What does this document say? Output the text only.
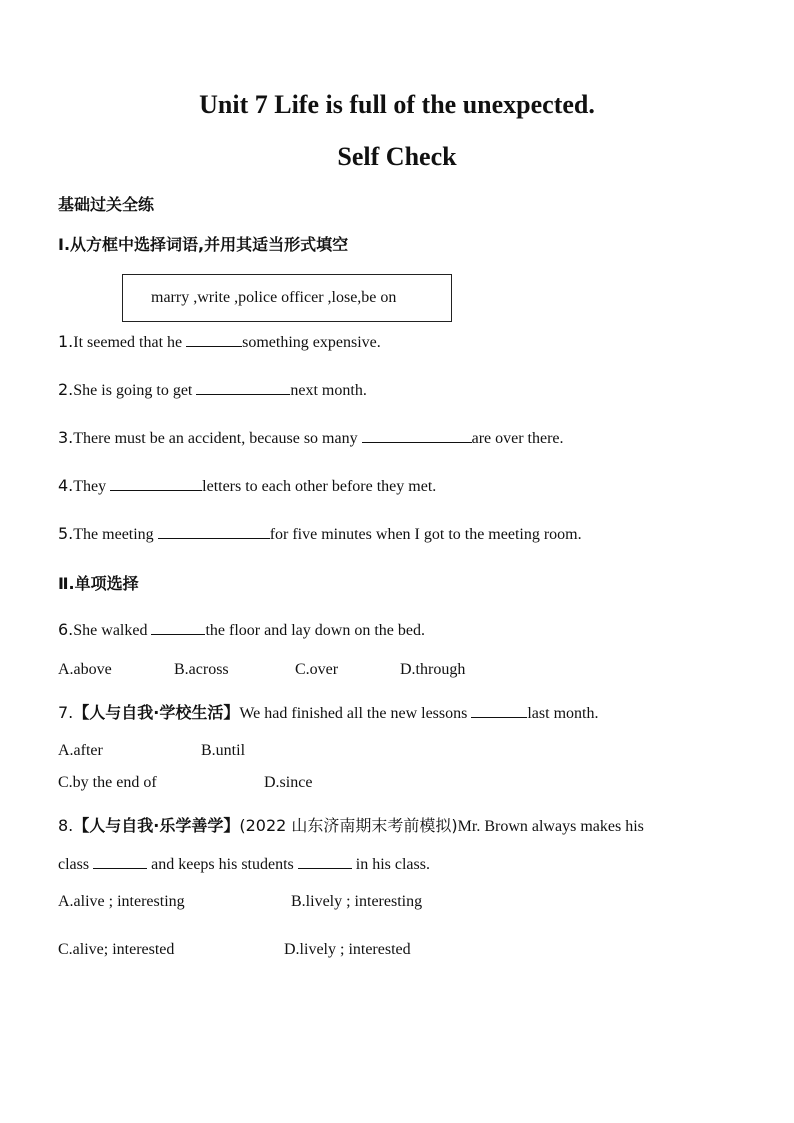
Unit 7 Life is full of the unexpected.
Self Check
基础过关全练
Ⅰ.从方框中选择词语,并用其适当形式填空
marry ,write ,police officer ,lose,be on
1.It seemed that he	something expensive.
2.She is going to get	next month.
3.There must be an accident, because so many	are over there.
4.They	letters to each other before they met.
5.The meeting	for five minutes when I got to the meeting room.
Ⅱ.单项选择
6.She walked	the floor and lay down on the bed.
A.above	B.across	C.over	D.through
7.【人与自我·学校生活】We had finished all the new lessons	last month.
A.after	B.until
C.by the end of	D.since
8.【人与自我·乐学善学】(2022 山东济南期末考前模拟)Mr. Brown always makes his
class	and keeps his students	in his class.
A.alive ; interesting	B.lively ; interesting
C.alive; interested	D.lively ; interested
